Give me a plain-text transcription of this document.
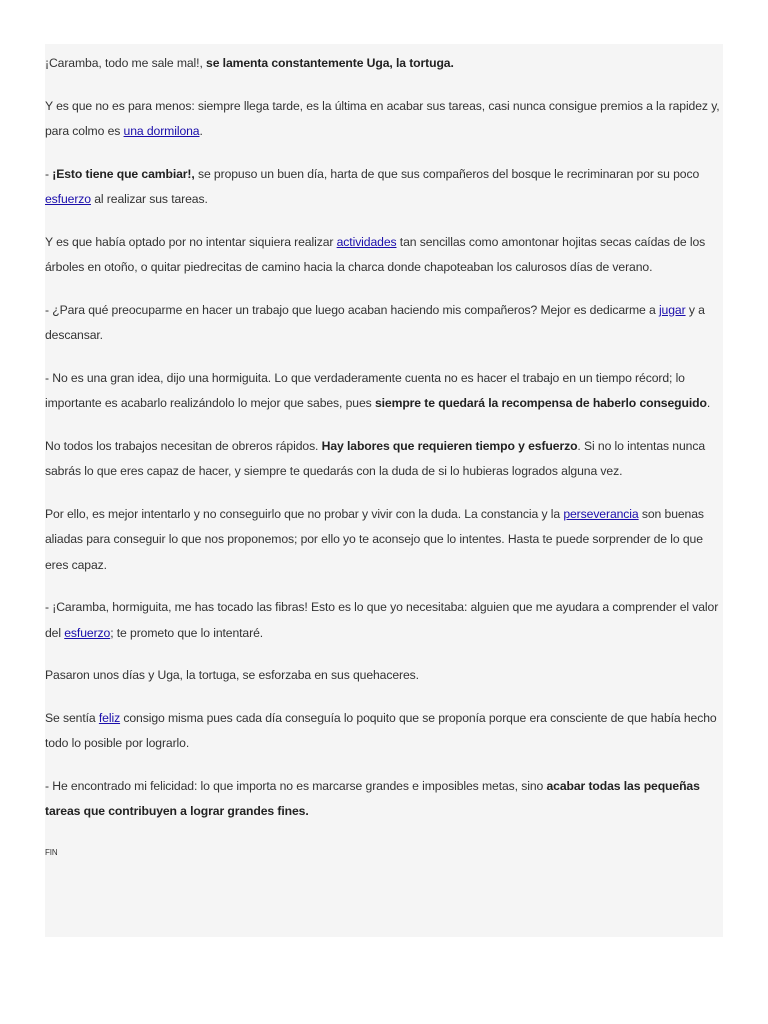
¡Caramba, todo me sale mal!, se lamenta constantemente Uga, la tortuga.

Y es que no es para menos: siempre llega tarde, es la última en acabar sus tareas, casi nunca consigue premios a la rapidez y, para colmo es una dormilona.

- ¡Esto tiene que cambiar!, se propuso un buen día, harta de que sus compañeros del bosque le recriminaran por su poco esfuerzo al realizar sus tareas.

Y es que había optado por no intentar siquiera realizar actividades tan sencillas como amontonar hojitas secas caídas de los árboles en otoño, o quitar piedrecitas de camino hacia la charca donde chapoteaban los calurosos días de verano.

- ¿Para qué preocuparme en hacer un trabajo que luego acaban haciendo mis compañeros? Mejor es dedicarme a jugar y a descansar.

- No es una gran idea, dijo una hormiguita. Lo que verdaderamente cuenta no es hacer el trabajo en un tiempo récord; lo importante es acabarlo realizándolo lo mejor que sabes, pues siempre te quedará la recompensa de haberlo conseguido.

No todos los trabajos necesitan de obreros rápidos. Hay labores que requieren tiempo y esfuerzo. Si no lo intentas nunca sabrás lo que eres capaz de hacer, y siempre te quedarás con la duda de si lo hubieras logrados alguna vez.

Por ello, es mejor intentarlo y no conseguirlo que no probar y vivir con la duda. La constancia y la perseverancia son buenas aliadas para conseguir lo que nos proponemos; por ello yo te aconsejo que lo intentes. Hasta te puede sorprender de lo que eres capaz.

- ¡Caramba, hormiguita, me has tocado las fibras! Esto es lo que yo necesitaba: alguien que me ayudara a comprender el valor del esfuerzo; te prometo que lo intentaré.

Pasaron unos días y Uga, la tortuga, se esforzaba en sus quehaceres.

Se sentía feliz consigo misma pues cada día conseguía lo poquito que se proponía porque era consciente de que había hecho todo lo posible por lograrlo.

- He encontrado mi felicidad: lo que importa no es marcarse grandes e imposibles metas, sino acabar todas las pequeñas tareas que contribuyen a lograr grandes fines.

FIN
